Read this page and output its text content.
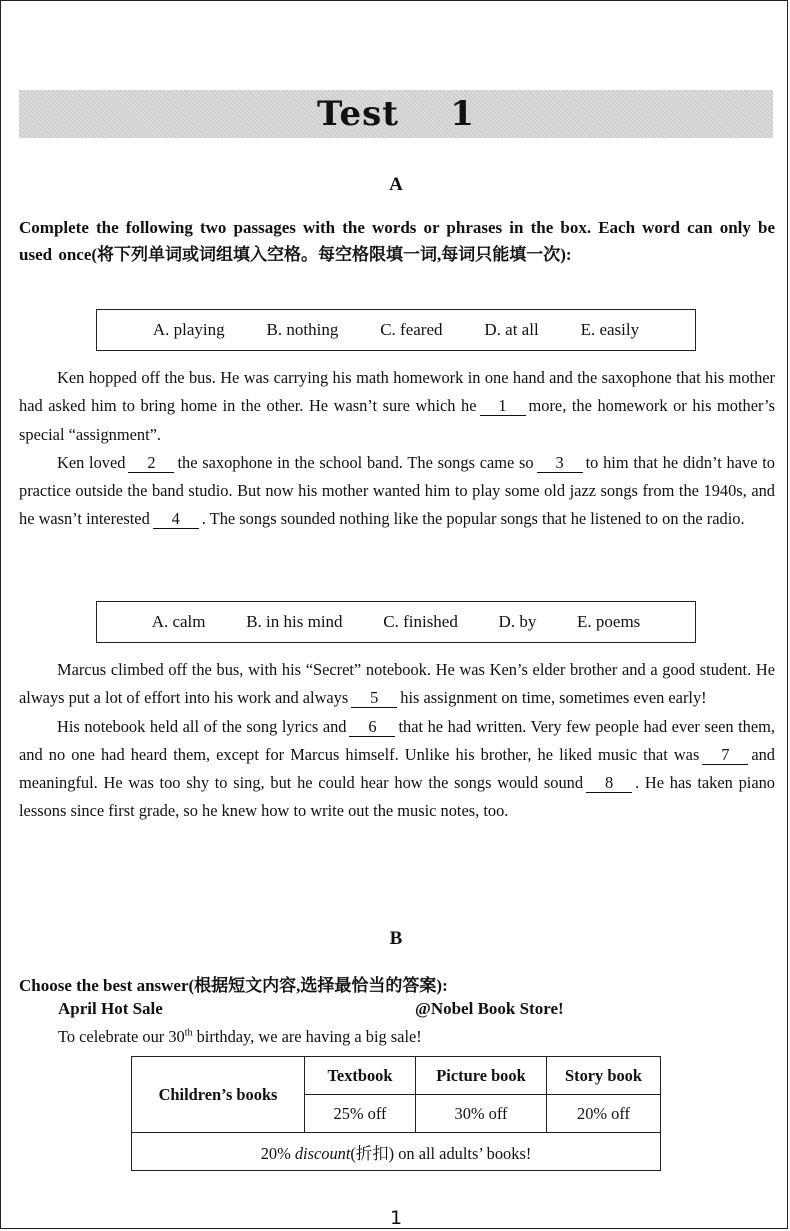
Test    1
A
Complete the following two passages with the words or phrases in the box. Each word can only be used once(将下列单词或词组填入空格。每空格限填一词,每词只能填一次):
A. playing B. nothing C. feared D. at all E. easily

Ken hopped off the bus. He was carrying his math homework in one hand and the saxophone that his mother had asked him to bring home in the other. He wasn’t sure which he 1 more, the homework or his mother’s special “assignment”.

Ken loved 2 the saxophone in the school band. The songs came so 3 to him that he didn’t have to practice outside the band studio. But now his mother wanted him to play some old jazz songs from the 1940s, and he wasn’t interested 4 . The songs sounded nothing like the popular songs that he listened to on the radio.

A. calm B. in his mind C. finished D. by E. poems

Marcus climbed off the bus, with his “Secret” notebook. He was Ken’s elder brother and a good student. He always put a lot of effort into his work and always 5 his assignment on time, sometimes even early!

His notebook held all of the song lyrics and 6 that he had written. Very few people had ever seen them, and no one had heard them, except for Marcus himself. Unlike his brother, he liked music that was 7 and meaningful. He was too shy to sing, but he could hear how the songs would sound 8 . He has taken piano lessons since first grade, so he knew how to write out the music notes, too.

B
Choose the best answer(根据短文内容,选择最恰当的答案):
April Hot Sale	@Nobel Book Store!
To celebrate our 30th birthday, we are having a big sale!
Children’s books	Textbook	Picture book	Story book
	25% off	30% off	20% off
20% discount(折扣) on all adults’ books!			
1
